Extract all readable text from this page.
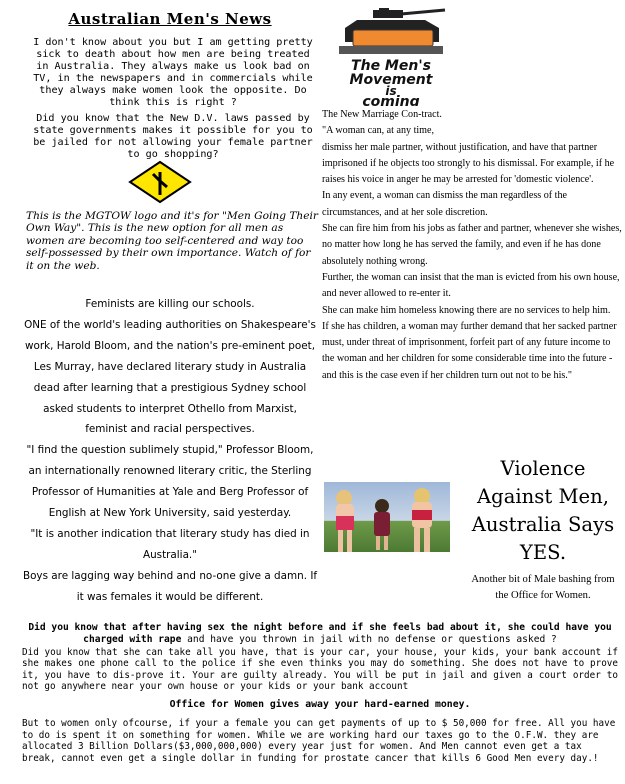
Australian Men's News
I don't know about you but I am getting pretty sick to death about how men are being treated in Australia. They always make us look bad on TV, in the newspapers and in commercials while they always make women look the opposite. Do think this is right ?
Did you know that the New D.V. laws passed by state governments makes it possible for you to be jailed for not allowing your female partner to go shopping?
This is the MGTOW logo and it's for "Men Going Their Own Way". This is the new option for all men as women are becoming too self-centered and way too self-possessed by their own importance. Watch of for it on the web.

Feminists are killing our schools.

ONE of the world's leading authorities on Shakespeare's work, Harold Bloom, and the nation's pre-eminent poet, Les Murray, have declared literary study in Australia dead after learning that a prestigious Sydney school asked students to interpret Othello from Marxist, feminist and racial perspectives.

"I find the question sublimely stupid," Professor Bloom, an internationally renowned literary critic, the Sterling Professor of Humanities at Yale and Berg Professor of English at New York University, said yesterday.

"It is another indication that literary study has died in Australia."

Boys are lagging way behind and no-one give a damn. If it was females it would be different.

The Men's
Movement
is
coming

The New Marriage Con-tract.

"A woman can, at any time,

dismiss her male partner, without justification, and have that partner imprisoned if he objects too strongly to his dismissal. For example, if he raises his voice in anger he may be arrested for 'domestic violence'.

In any event, a woman can dismiss the man regardless of the circumstances, and at her sole discretion.

She can fire him from his jobs as father and partner, whenever she wishes, no matter how long he has served the family, and even if he has done absolutely nothing wrong.

Further, the woman can insist that the man is evicted from his own house, and never allowed to re-enter it.

She can make him homeless knowing there are no services to help him.

If she has children, a woman may further demand that her sacked partner must, under threat of imprisonment, forfeit part of any future income to the woman and her children for some considerable time into the future - and this is the case even if her children turn out not to be his."

Violence Against Men, Australia Says YES.
Another bit of Male bashing from the Office for Women.
Did you know that after having sex the night before and if she feels bad about it, she could have you charged with rape and have you thrown in jail with no defense or questions asked ?
Did you know that she can take all you have, that is your car, your house, your kids, your bank account if she makes one phone call to the police if she even thinks you may do something. She does not have to prove it, you have to dis-prove it. Your are guilty already. You will be put in jail and given a court order to not go anywhere near your own house or your kids or your bank account
Office for Women gives away your hard-earned money.
But to women only ofcourse, if your a female you can get payments of up to $ 50,000 for free. All you have to do is spent it on something for women. While we are working hard our taxes go to the O.F.W. they are allocated 3 Billion Dollars($3,000,000,000) every year just for women. And Men cannot even get a tax break, cannot even get a single dollar in funding for prostate cancer that kills 6 Good Men every day.!
